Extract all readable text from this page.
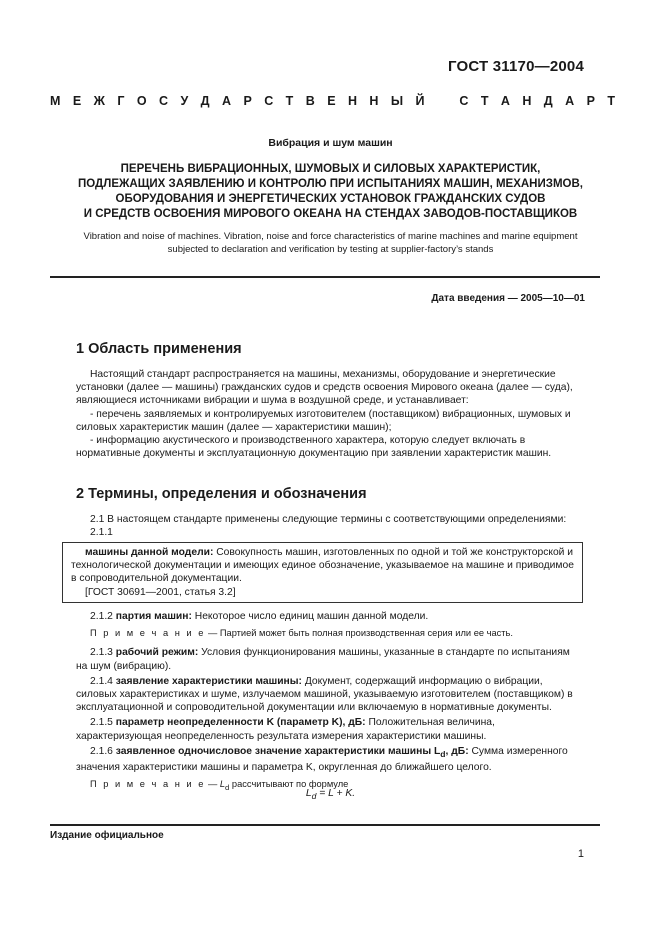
ГОСТ 31170—2004
М Е Ж Г О С У Д А Р С Т В Е Н Н Ы Й	С Т А Н Д А Р Т
Вибрация и шум машин
ПЕРЕЧЕНЬ ВИБРАЦИОННЫХ, ШУМОВЫХ И СИЛОВЫХ ХАРАКТЕРИСТИК,
ПОДЛЕЖАЩИХ ЗАЯВЛЕНИЮ И КОНТРОЛЮ ПРИ ИСПЫТАНИЯХ МАШИН, МЕХАНИЗМОВ,
ОБОРУДОВАНИЯ И ЭНЕРГЕТИЧЕСКИХ УСТАНОВОК ГРАЖДАНСКИХ СУДОВ
И СРЕДСТВ ОСВОЕНИЯ МИРОВОГО ОКЕАНА НА СТЕНДАХ ЗАВОДОВ-ПОСТАВЩИКОВ
Vibration and noise of machines. Vibration, noise and force characteristics of marine machines and marine equipment
subjected to declaration and verification by testing at supplier-factory’s stands
Дата введения — 2005—10—01
1 Область применения

Настоящий стандарт распространяется на машины, механизмы, оборудование и энергетические установки (далее — машины) гражданских судов и средств освоения Мирового океана (далее — суда), являющиеся источниками вибрации и шума в воздушной среде, и устанавливает:

- перечень заявляемых и контролируемых изготовителем (поставщиком) вибрационных, шумовых и силовых характеристик машин (далее — характеристики машин);

- информацию акустического и производственного характера, которую следует включать в нормативные документы и эксплуатационную документацию при заявлении характеристик машин.

2 Термины, определения и обозначения

2.1 В настоящем стандарте применены следующие термины с соответствующими определениями:

2.1.1

машины данной модели: Совокупность машин, изготовленных по одной и той же конструкторской и технологической документации и имеющих единое обозначение, указываемое на машине и приводимое в сопроводительной документации.

[ГОСТ 30691—2001, статья 3.2]

2.1.2 партия машин: Некоторое число единиц машин данной модели.

П р и м е ч а н и е — Партией может быть полная производственная серия или ее часть.

2.1.3 рабочий режим: Условия функционирования машины, указанные в стандарте по испытаниям на шум (вибрацию).

2.1.4 заявление характеристики машины: Документ, содержащий информацию о вибрации, силовых характеристиках и шуме, излучаемом машиной, указываемую изготовителем (поставщиком) в эксплуатационной и сопроводительной документации или включаемую в нормативные документы.

2.1.5 параметр неопределенности K (параметр K), дБ: Положительная величина, характеризующая неопределенность результата измерения характеристики машины.

2.1.6 заявленное одночисловое значение характеристики машины $L_d$, дБ: Сумма измеренного значения характеристики машины и параметра K, округленная до ближайшего целого.

П р и м е ч а н и е — $L_d$ рассчитывают по формуле

$L_d = L + K$.
Издание официальное
1
